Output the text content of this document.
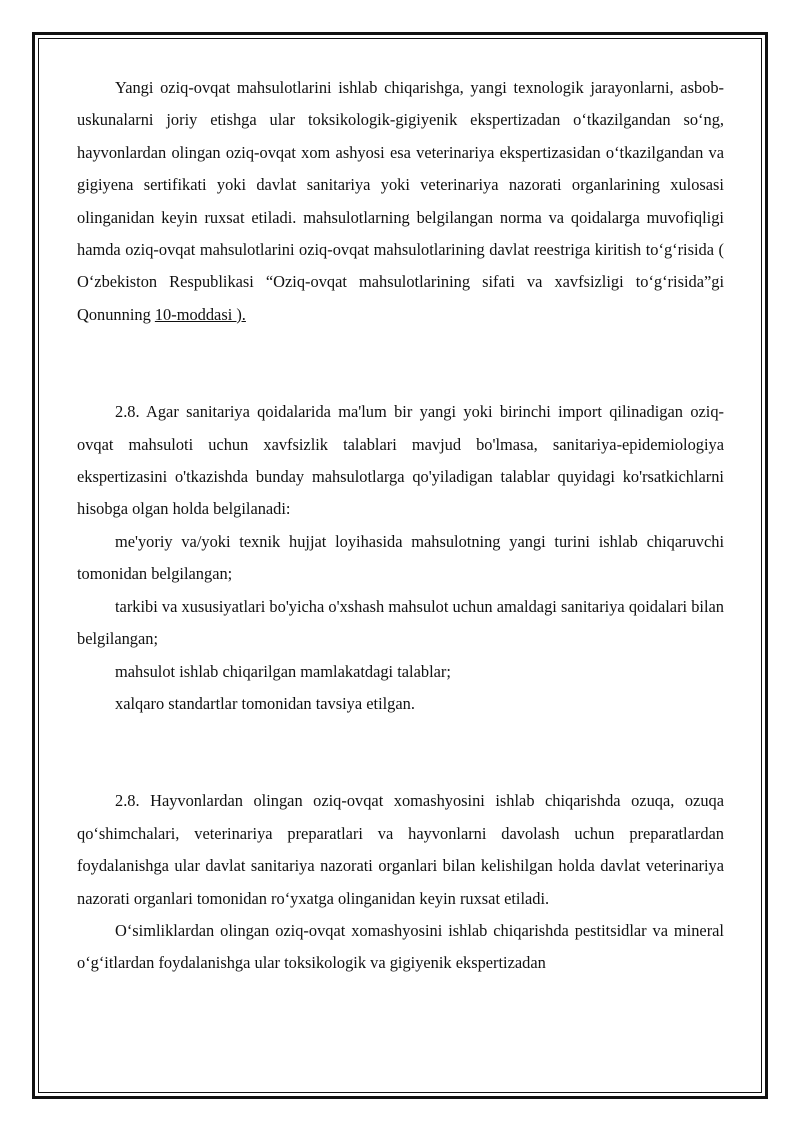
Yangi oziq-ovqat mahsulotlarini ishlab chiqarishga, yangi texnologik jarayonlarni, asbob-uskunalarni joriy etishga ular toksikologik-gigiyenik ekspertizadan o‘tkazilgandan so‘ng, hayvonlardan olingan oziq-ovqat xom ashyosi esa veterinariya ekspertizasidan o‘tkazilgandan va gigiyena sertifikati yoki davlat sanitariya yoki veterinariya nazorati organlarining xulosasi olinganidan keyin ruxsat etiladi. mahsulotlarning belgilangan norma va qoidalarga muvofiqligi hamda oziq-ovqat mahsulotlarini oziq-ovqat mahsulotlarining davlat reestriga kiritish to‘g‘risida ( O‘zbekiston Respublikasi “Oziq-ovqat mahsulotlarining sifati va xavfsizligi to‘g‘risida”gi Qonunning 10-moddasi ).

2.8. Agar sanitariya qoidalarida ma'lum bir yangi yoki birinchi import qilinadigan oziq-ovqat mahsuloti uchun xavfsizlik talablari mavjud bo'lmasa, sanitariya-epidemiologiya ekspertizasini o'tkazishda bunday mahsulotlarga qo'yiladigan talablar quyidagi ko'rsatkichlarni hisobga olgan holda belgilanadi:

me'yoriy va/yoki texnik hujjat loyihasida mahsulotning yangi turini ishlab chiqaruvchi tomonidan belgilangan;

tarkibi va xususiyatlari bo'yicha o'xshash mahsulot uchun amaldagi sanitariya qoidalari bilan belgilangan;

mahsulot ishlab chiqarilgan mamlakatdagi talablar;

xalqaro standartlar tomonidan tavsiya etilgan.

2.8. Hayvonlardan olingan oziq-ovqat xomashyosini ishlab chiqarishda ozuqa, ozuqa qo‘shimchalari, veterinariya preparatlari va hayvonlarni davolash uchun preparatlardan foydalanishga ular davlat sanitariya nazorati organlari bilan kelishilgan holda davlat veterinariya nazorati organlari tomonidan ro‘yxatga olinganidan keyin ruxsat etiladi.

O‘simliklardan olingan oziq-ovqat xomashyosini ishlab chiqarishda pestitsidlar va mineral o‘g‘itlardan foydalanishga ular toksikologik va gigiyenik ekspertizadan
